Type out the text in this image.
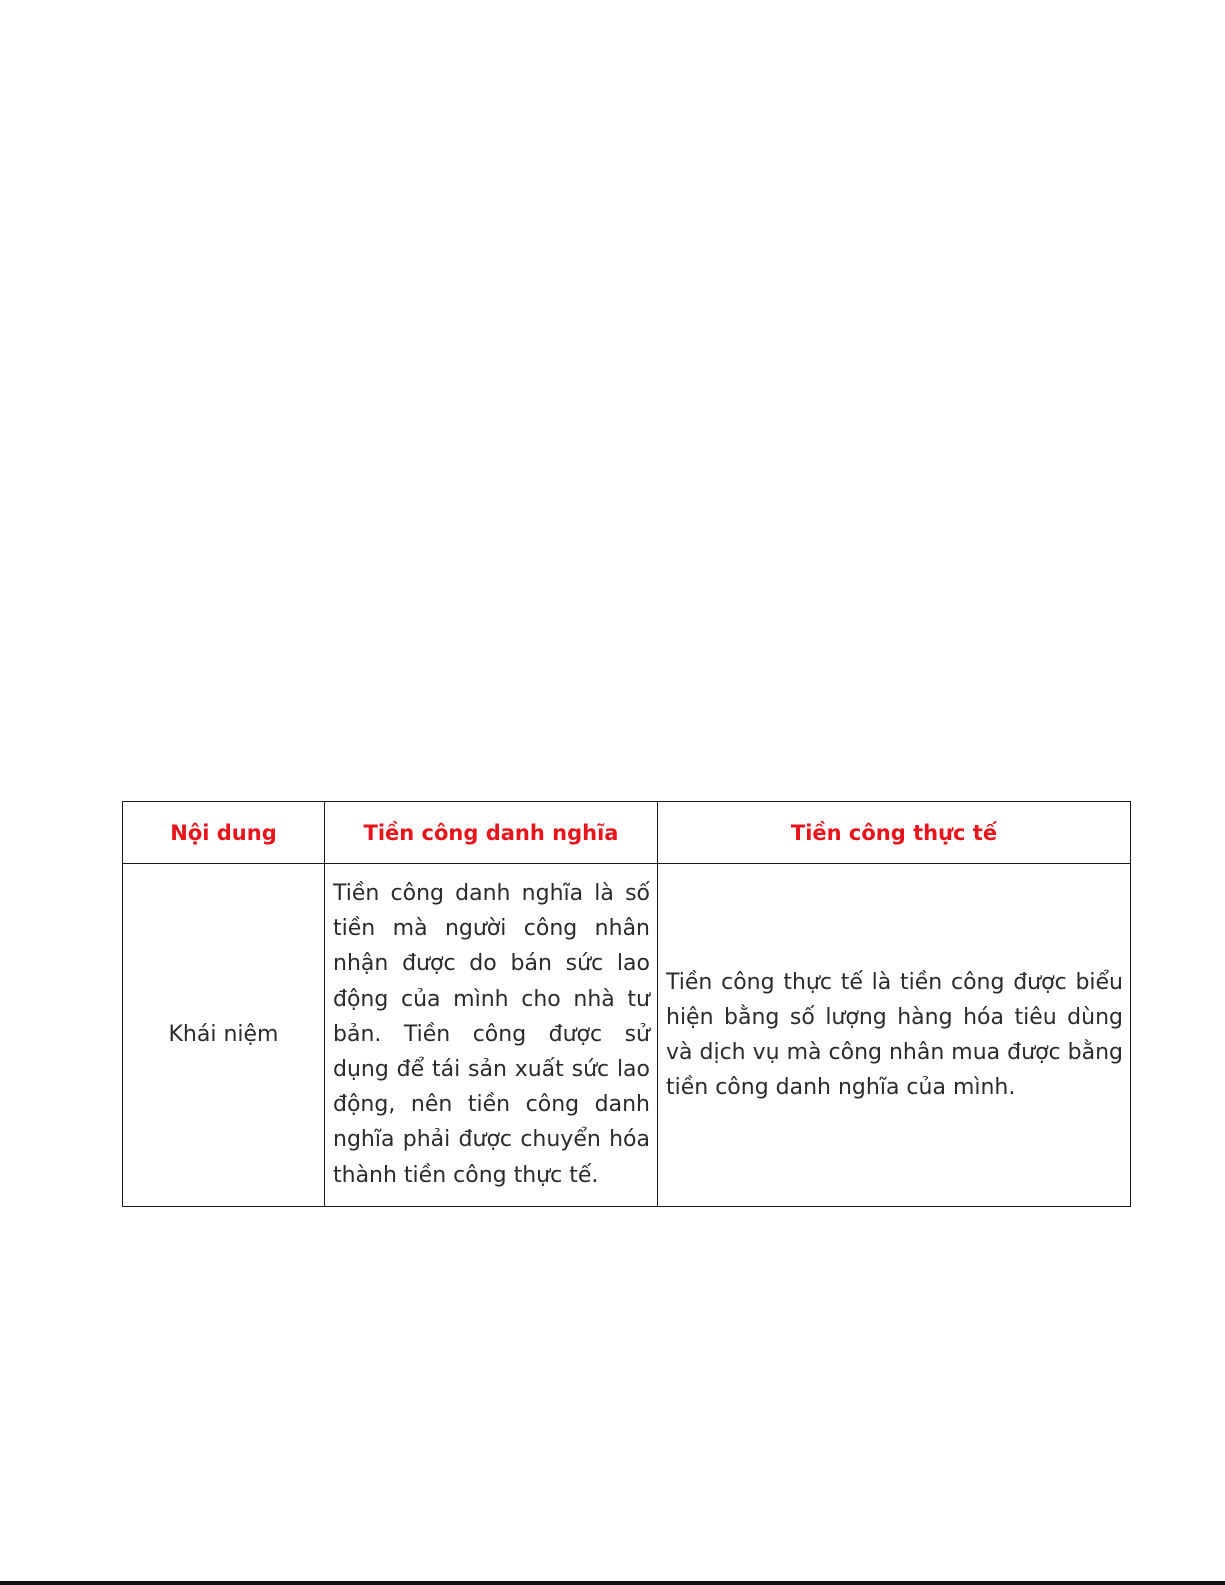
Nội dung	Tiền công danh nghĩa	Tiền công thực tế
Khái niệm	Tiền công danh nghĩa là số tiền mà người công nhân nhận được do bán sức lao động của mình cho nhà tư bản. Tiền công được sử dụng để tái sản xuất sức lao động, nên tiền công danh nghĩa phải được chuyển hóa thành tiền công thực tế.	Tiền công thực tế là tiền công được biểu hiện bằng số lượng hàng hóa tiêu dùng và dịch vụ mà công nhân mua được bằng tiền công danh nghĩa của mình.
